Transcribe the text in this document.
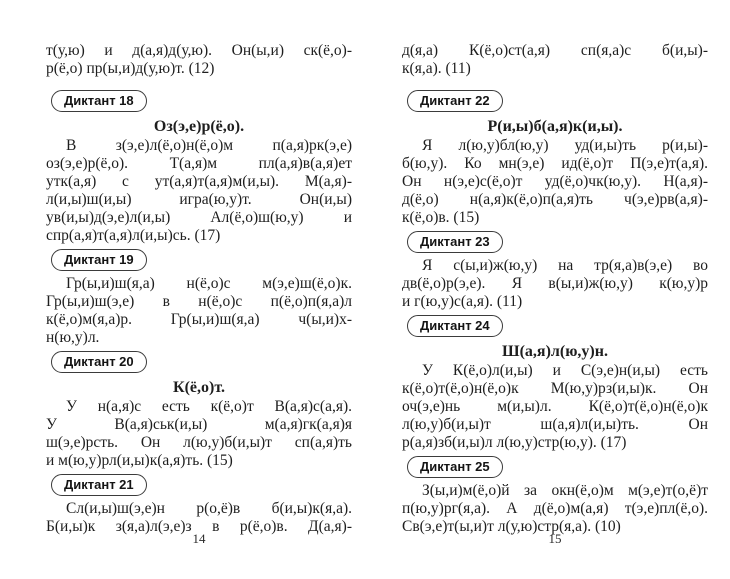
т(у,ю) и д(а,я)д(у,ю). Он(ы,и) ск(ё,о)-
р(ё,о) пр(ы,и)д(у,ю)т. (12)
Диктант 18
Оз(э,е)р(ё,о).
В з(э,е)л(ё,о)н(ё,о)м п(а,я)рк(э,е)
оз(э,е)р(ё,о). Т(а,я)м пл(а,я)в(а,я)ет
утк(а,я) с ут(а,я)т(а,я)м(и,ы). М(а,я)-
л(и,ы)ш(и,ы) игра(ю,у)т. Он(и,ы)
ув(и,ы)д(э,е)л(и,ы) Ал(ё,о)ш(ю,у) и
спр(а,я)т(а,я)л(и,ы)сь. (17)
Диктант 19
Гр(ы,и)ш(я,а) н(ё,о)с м(э,е)ш(ё,о)к.
Гр(ы,и)ш(э,е) в н(ё,о)с п(ё,о)п(я,а)л
к(ё,о)м(я,а)р. Гр(ы,и)ш(я,а) ч(ы,и)х-
н(ю,у)л.
Диктант 20
К(ё,о)т.
У н(а,я)с есть к(ё,о)т В(а,я)с(а,я).
У В(а,я)ськ(и,ы) м(а,я)гк(а,я)я
ш(э,е)рсть. Он л(ю,у)б(и,ы)т сп(а,я)ть
и м(ю,у)рл(и,ы)к(а,я)ть. (15)
Диктант 21
Сл(и,ы)ш(э,е)н р(о,ё)в б(и,ы)к(я,а).
Б(и,ы)к з(я,а)л(э,е)з в р(ё,о)в. Д(а,я)-
14
д(я,а) К(ё,о)ст(а,я) сп(я,а)с б(и,ы)-
к(я,а). (11)
Диктант 22
Р(и,ы)б(а,я)к(и,ы).
Я л(ю,у)бл(ю,у) уд(и,ы)ть р(и,ы)-
б(ю,у). Ко мн(э,е) ид(ё,о)т П(э,е)т(а,я).
Он н(э,е)с(ё,о)т уд(ё,о)чк(ю,у). Н(а,я)-
д(ё,о) н(а,я)к(ё,о)п(а,я)ть ч(э,е)рв(а,я)-
к(ё,о)в. (15)
Диктант 23
Я с(ы,и)ж(ю,у) на тр(я,а)в(э,е) во
дв(ё,о)р(э,е). Я в(ы,и)ж(ю,у) к(ю,у)р
и г(ю,у)с(а,я). (11)
Диктант 24
Ш(а,я)л(ю,у)н.
У К(ё,о)л(и,ы) и С(э,е)н(и,ы) есть
к(ё,о)т(ё,о)н(ё,о)к М(ю,у)рз(и,ы)к. Он
оч(э,е)нь м(и,ы)л. К(ё,о)т(ё,о)н(ё,о)к
л(ю,у)б(и,ы)т ш(а,я)л(и,ы)ть. Он
р(а,я)зб(и,ы)л л(ю,у)стр(ю,у). (17)
Диктант 25
З(ы,и)м(ё,о)й за окн(ё,о)м м(э,е)т(о,ё)т
п(ю,у)рг(я,а). А д(ё,о)м(а,я) т(э,е)пл(ё,о).
Св(э,е)т(ы,и)т л(у,ю)стр(я,а). (10)
15
